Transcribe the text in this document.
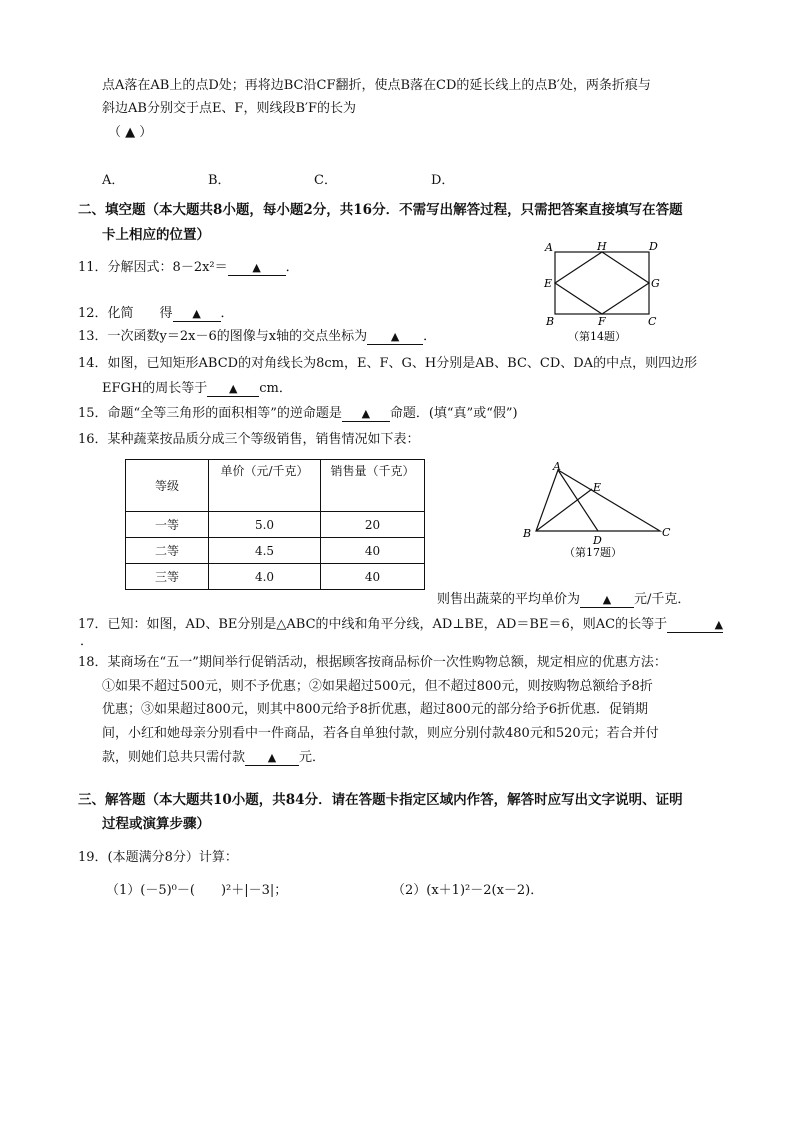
点A落在AB上的点D处；再将边BC沿CF翻折，使点B落在CD的延长线上的点B′处，两条折痕与
斜边AB分别交于点E、F，则线段B′F的长为
（ ▲ ）
A．	B．	C．	D．
二、填空题（本大题共8小题，每小题2分，共16分．不需写出解答过程，只需把答案直接填写在答题
卡上相应的位置）
11．分解因式：8－2x²＝ ▲ ．
12．化简　　得 ▲ ．
13．一次函数y＝2x－6的图像与x轴的交点坐标为 ▲ ．
14．如图，已知矩形ABCD的对角线长为8cm，E、F、G、H分别是AB、BC、CD、DA的中点，则四边形
EFGH的周长等于 ▲ cm．
15．命题“全等三角形的面积相等”的逆命题是 ▲ 命题．(填“真”或“假”)
16．某种蔬菜按品质分成三个等级销售，销售情况如下表：
等级	单价（元/千克）	销售量（千克）
一等	5.0	20
二等	4.5	40
三等	4.0	40
则售出蔬菜的平均单价为 ▲ 元/千克．
17．已知：如图，AD、BE分别是△ABC的中线和角平分线，AD⊥BE，AD＝BE＝6，则AC的长等于	▲
．
18．某商场在“五一”期间举行促销活动，根据顾客按商品标价一次性购物总额，规定相应的优惠方法：
①如果不超过500元，则不予优惠；②如果超过500元，但不超过800元，则按购物总额给予8折
优惠；③如果超过800元，则其中800元给予8折优惠，超过800元的部分给予6折优惠．促销期
间，小红和她母亲分别看中一件商品，若各自单独付款，则应分别付款480元和520元；若合并付
款，则她们总共只需付款 ▲ 元．
三、解答题（本大题共10小题，共84分．请在答题卡指定区域内作答，解答时应写出文字说明、证明
过程或演算步骤）
19．(本题满分8分）计算：
（1）(－5)⁰－(　　)²＋|－3|；	（2）(x＋1)²－2(x－2)．
A	H	D
E	G
B	F	C
（第14题）
A
E
B
D
C
（第17题）
